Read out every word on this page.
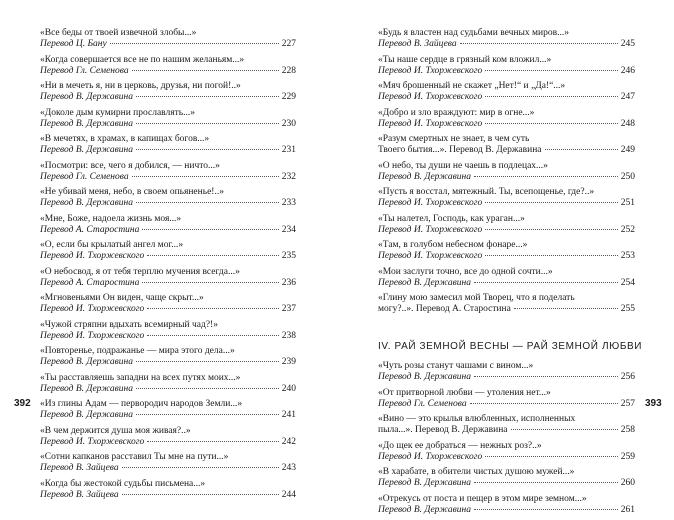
«Все беды от твоей извечной злобы...»
Перевод Ц. Бану	227
«Когда совершается все не по нашим желаньям...»
Перевод Гл. Семенова	228
«Ни в мечеть я, ни в церковь, друзья, ни погой!..»
Перевод В. Державина	229
«Доколе дым кумирни прославлять...»
Перевод В. Державина	230
«В мечетях, в храмах, в капищах богов...»
Перевод В. Державина	231
«Посмотри: все, чего я добился, — ничто...»
Перевод Гл. Семенова	232
«Не убивай меня, небо, в своем опьяненье!..»
Перевод В. Державина	233
«Мне, Боже, надоела жизнь моя...»
Перевод А. Старостина	234
«О, если бы крылатый ангел мог...»
Перевод И. Тхоржевского	235
«О небосвод, я от тебя терплю мучения всегда...»
Перевод А. Старостина	236
«Мгновеньями Он виден, чаще скрыт...»
Перевод И. Тхоржевского	237
«Чужой стряпни вдыхать всемирный чад?!»
Перевод И. Тхоржевского	238
«Повторенье, подражанье — мира этого дела...»
Перевод В. Державина	239
«Ты расставляешь западни на всех путях моих...»
Перевод В. Державина	240
«Из глины Адам — первородич народов Земли...»
Перевод В. Державина	241
«В чем держится душа моя живая?..»
Перевод И. Тхоржевского	242
«Сотни капканов расставил Ты мне на пути...»
Перевод В. Зайцева	243
«Когда бы жестокой судьбы письмена...»
Перевод В. Зайцева	244
«Будь я властен над судьбами вечных миров...»
Перевод В. Зайцева	245
«Ты наше сердце в грязный ком вложил...»
Перевод И. Тхоржевского	246
«Мяч брошенный не скажет „Нет!“ и „Да!“...»
Перевод И. Тхоржевского	247
«Добро и зло враждуют: мир в огне...»
Перевод И. Тхоржевского	248
«Разум смертных не знает, в чем суть
Твоего бытия...». Перевод В. Державина	249
«О небо, ты души не чаешь в подлецах...»
Перевод В. Державина	250
«Пусть я восстал, мятежный. Ты, всепощенье, где?..»
Перевод И. Тхоржевского	251
«Ты налетел, Господь, как ураган...»
Перевод И. Тхоржевского	252
«Там, в голубом небесном фонаре...»
Перевод И. Тхоржевского	253
«Мои заслуги точно, все до одной сочти...»
Перевод В. Державина	254
«Глину мою замесил мой Творец, что я поделать
могу?..». Перевод А. Старостина	255
IV. РАЙ ЗЕМНОЙ ВЕСНЫ — РАЙ ЗЕМНОЙ ЛЮБВИ
«Чуть розы станут чашами с вином...»
Перевод В. Державина	256
«От притворной любви — утоления нет...»
Перевод Гл. Семенова	257
«Вино — это крылья влюбленных, исполненных
пыла...». Перевод В. Державина	258
«До щек ее добраться — нежных роз?..»
Перевод И. Тхоржевского	259
«В харабате, в обители чистых душою мужей...»
Перевод В. Державина	260
«Отрекусь от поста и пещер в этом мире земном...»
Перевод В. Державина	261
392	393
